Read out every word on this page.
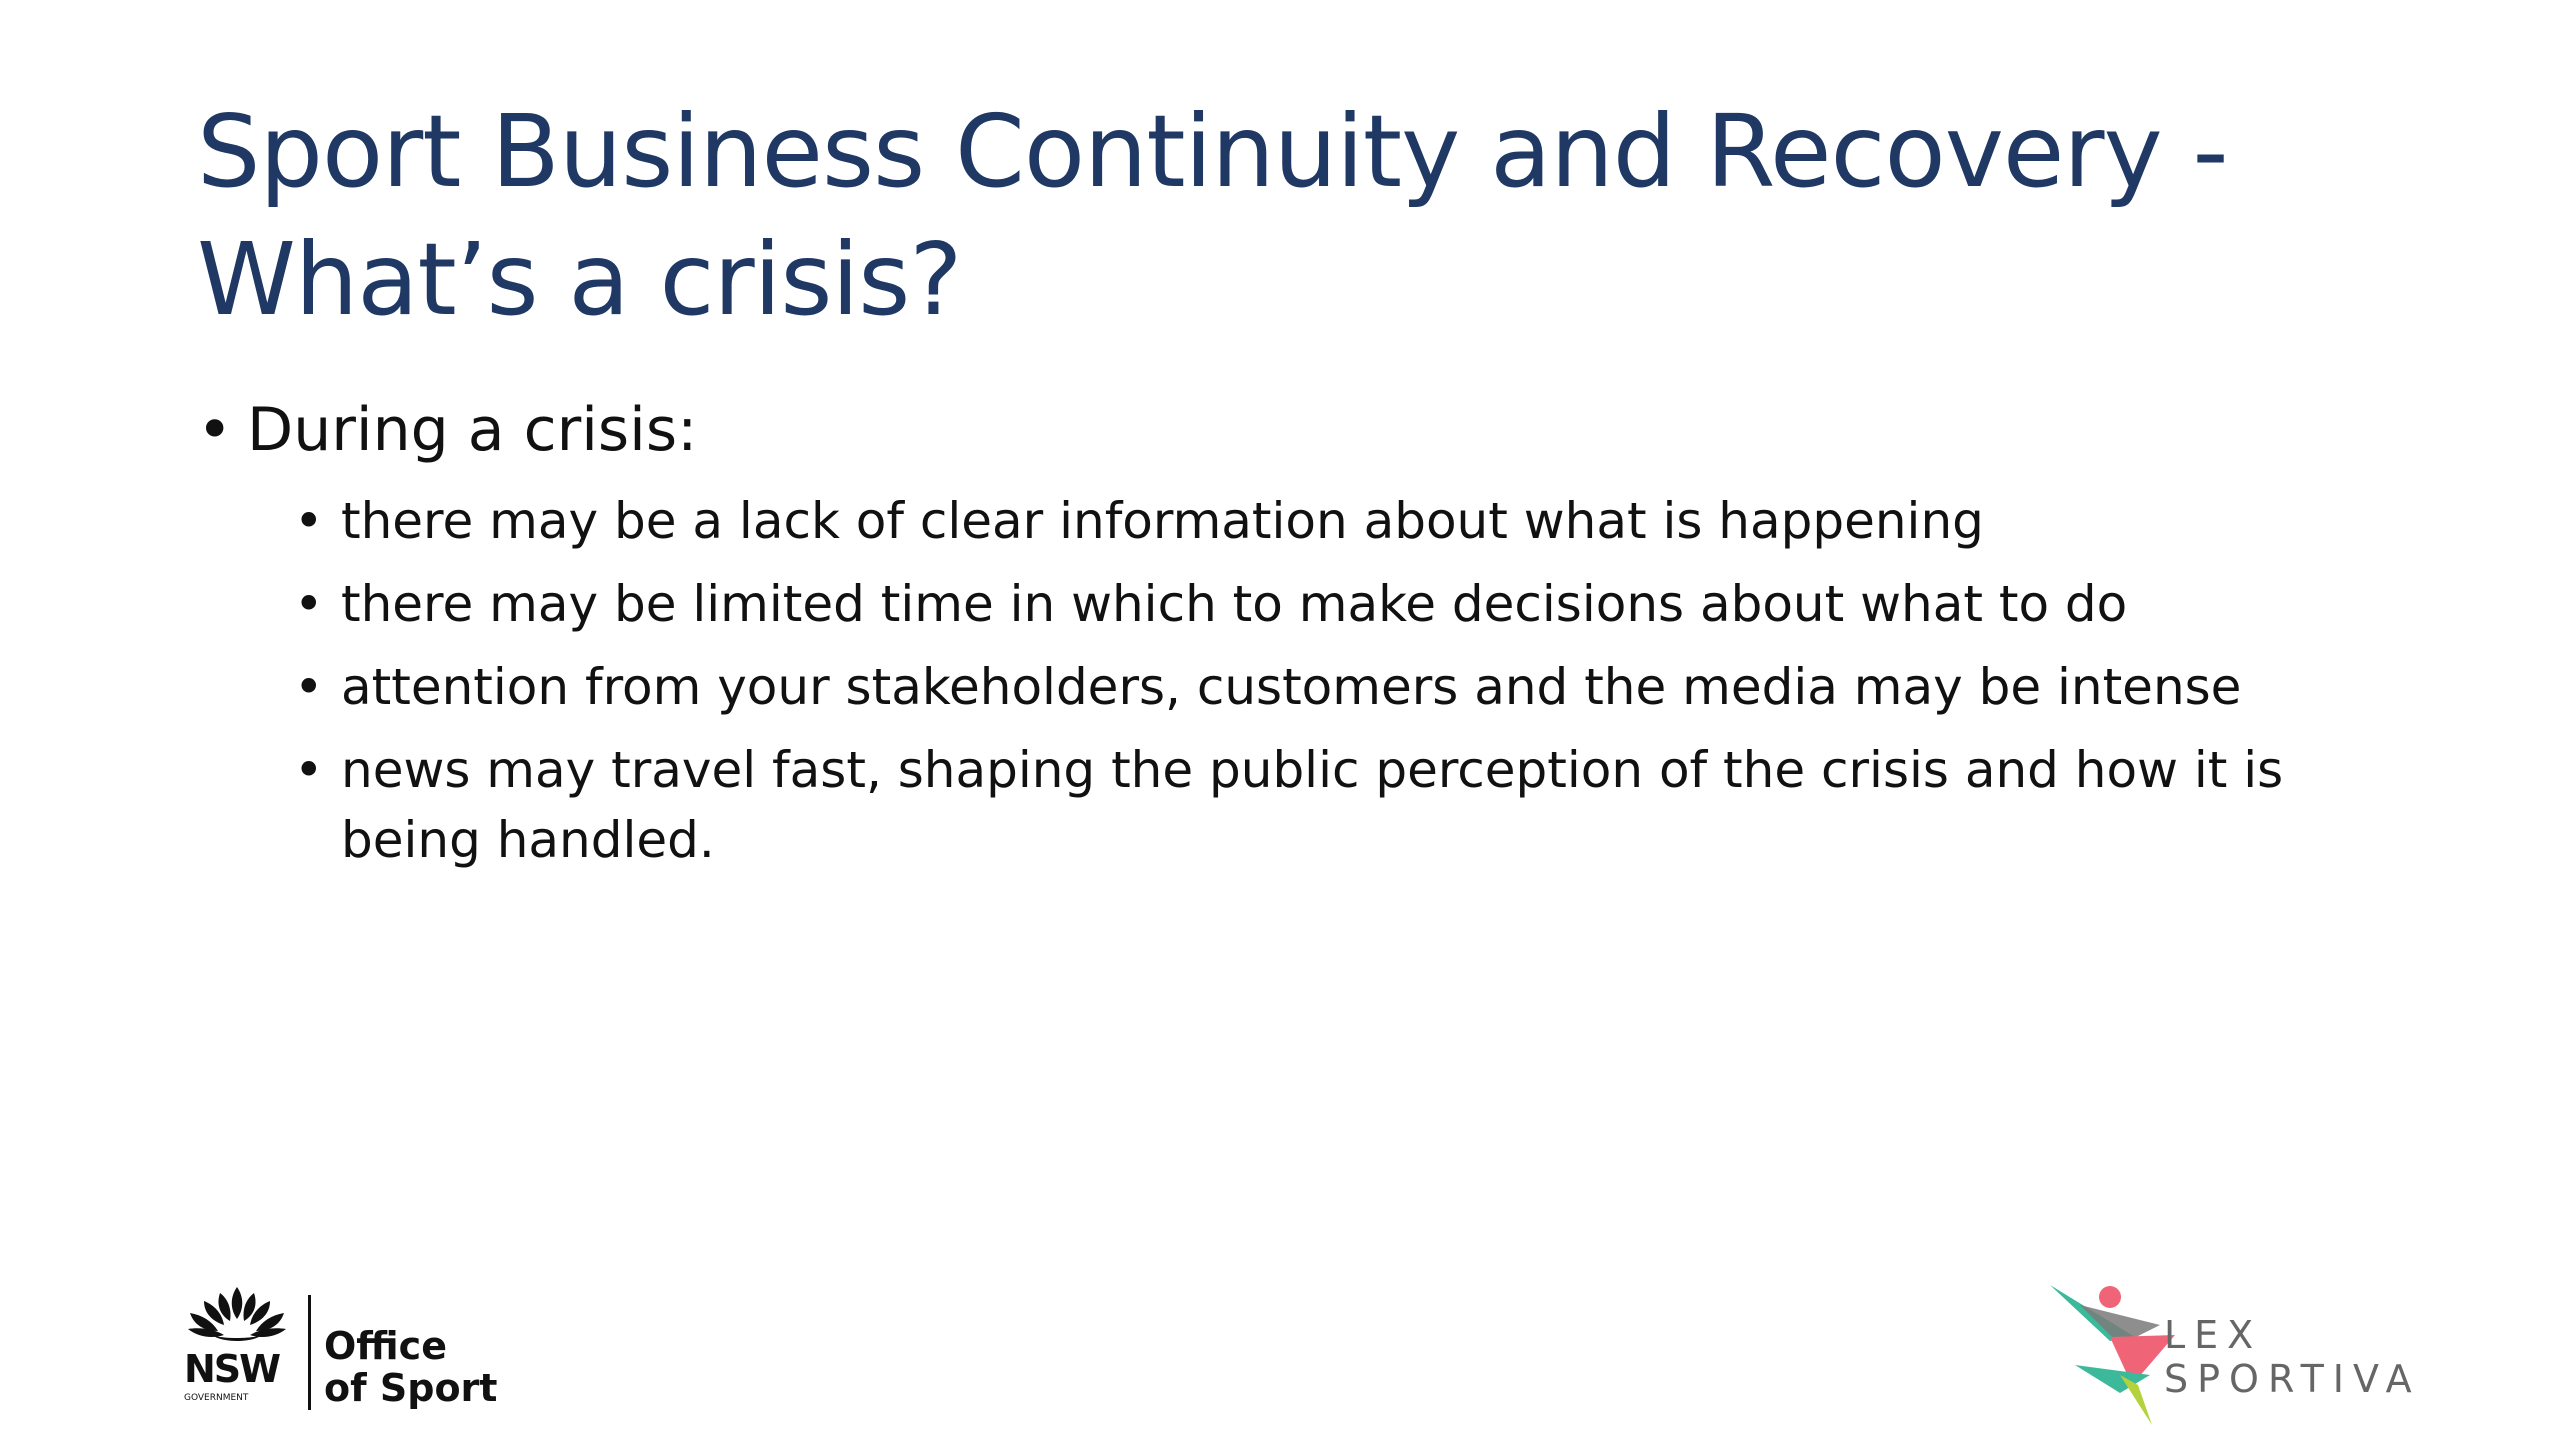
Sport Business Continuity and Recovery -
What’s a crisis?
• During a crisis:
• there may be a lack of clear information about what is happening
• there may be limited time in which to make decisions about what to do
• attention from your stakeholders, customers and the media may be intense
• news may travel fast, shaping the public perception of the crisis and how it is being handled.
NSW
GOVERNMENT
Office
of Sport
LEX
SPORTIVA
